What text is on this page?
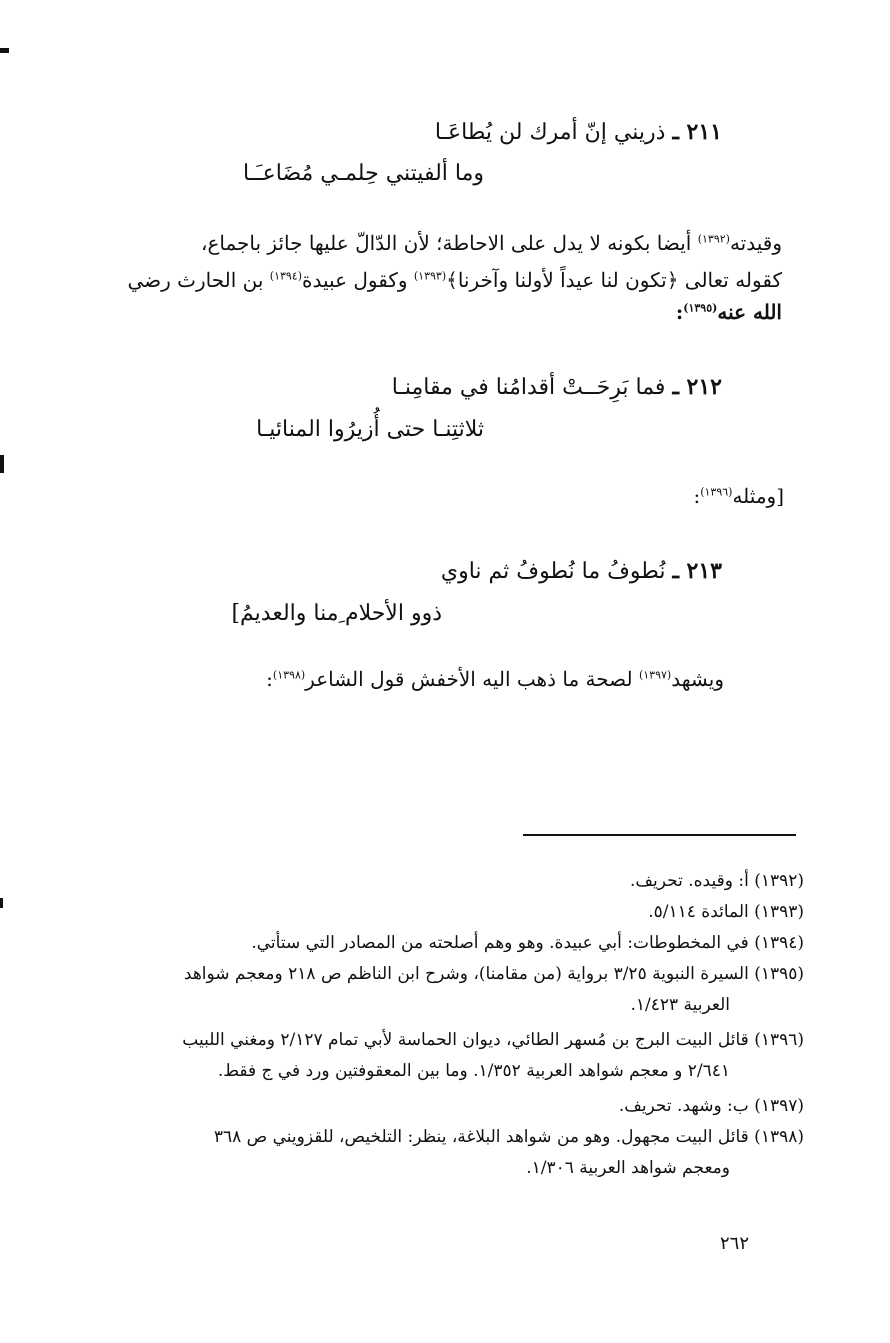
٢١١ ـ ذريني إنّ أمرك لن يُطاعَـا
وما ألفيتني حِلمـي مُضَاعـَـا
وقيدته$^{(١٣٩٢)}$ أيضا بكونه لا يدل على الاحاطة؛ لأن الدّالّ عليها جائز باجماع،
كقوله تعالى ﴿تكون لنا عيداً لأولنا وآخرنا﴾$^{(١٣٩٣)}$ وكقول عبيدة$^{(١٣٩٤)}$ بن الحارث رضي
الله عنه$^{(١٣٩٥)}$:
٢١٢ ـ فما بَرِحَــتْ أقدامُنا في مقامِنـا
ثلاثتِنـا حتى أُزيرُوا المنائيـا
[ومثله$^{(١٣٩٦)}$:
٢١٣ ـ نُطوفُ ما نُطوفُ ثم ناوي
ذوو الأحلام ِمنا والعديمُ]
ويشهد$^{(١٣٩٧)}$ لصحة ما ذهب اليه الأخفش قول الشاعر$^{(١٣٩٨)}$:
(١٣٩٢) أ: وقيده. تحريف.
(١٣٩٣) المائدة ٥/١١٤.
(١٣٩٤) في المخطوطات: أبي عبيدة. وهو وهم أصلحته من المصادر التي ستأتي.
(١٣٩٥) السيرة النبوية ٣/٢٥ برواية (من مقامنا)، وشرح ابن الناظم ص ٢١٨ ومعجم شواهد
العربية ١/٤٢٣.
(١٣٩٦) قائل البيت البرج بن مُسهر الطائي، ديوان الحماسة لأبي تمام ٢/١٢٧ ومغني اللبيب
٢/٦٤١ و معجم شواهد العربية ١/٣٥٢. وما بين المعقوفتين ورد في ج فقط.
(١٣٩٧) ب: وشهد. تحريف.
(١٣٩٨) قائل البيت مجهول. وهو من شواهد البلاغة، ينظر: التلخيص، للقزويني ص ٣٦٨
ومعجم شواهد العربية ١/٣٠٦.
٢٦٢
